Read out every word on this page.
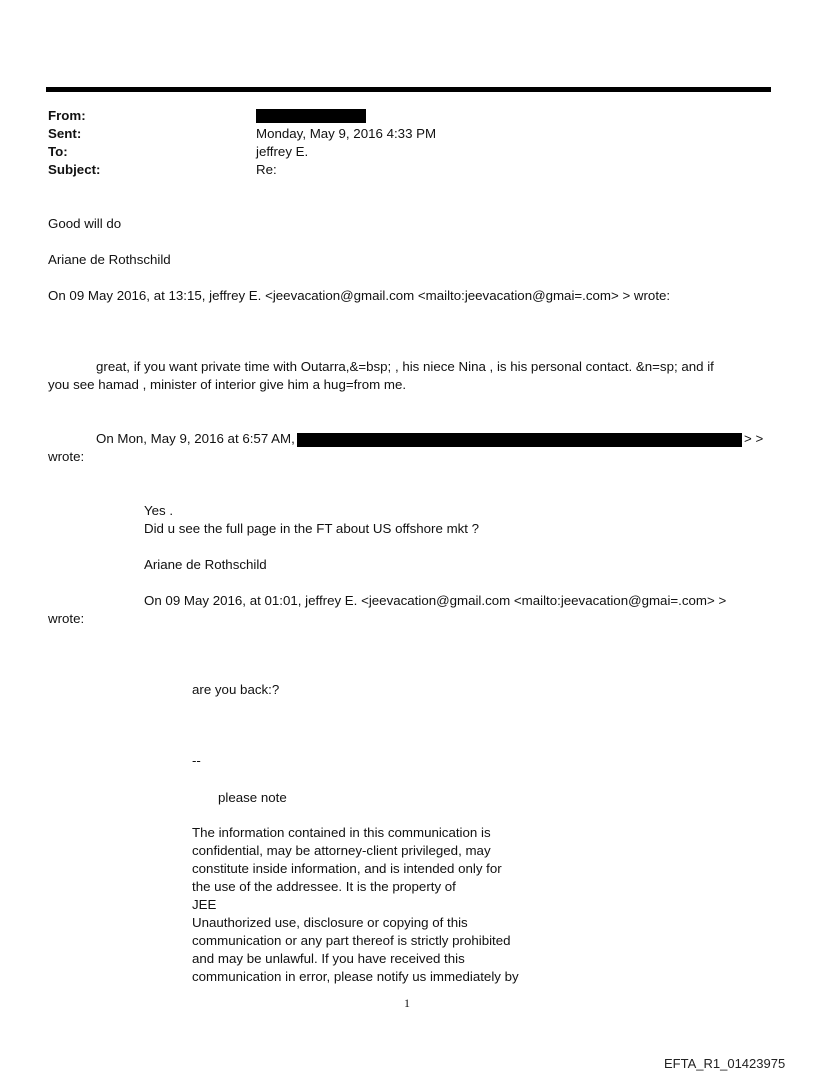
From:
Sent:	Monday, May 9, 2016 4:33 PM
To:	jeffrey E.
Subject:	Re:
Good will do
Ariane de Rothschild
On 09 May 2016, at 13:15, jeffrey E. <jeevacation@gmail.com <mailto:jeevacation@gmai=.com> > wrote:
great, if you want private time with Outarra,&=bsp; , his niece Nina , is his personal contact. &n=sp; and if
you see hamad , minister of interior give him a hug=from me.
On Mon, May 9, 2016 at 6:57 AM,	> >
wrote:
Yes .
Did u see the full page in the FT about US offshore mkt ?
Ariane de Rothschild
On 09 May 2016, at 01:01, jeffrey E. <jeevacation@gmail.com <mailto:jeevacation@gmai=.com> >
wrote:
are you back:?
--
please note
The information contained in this communication is
confidential, may be attorney-client privileged, may
constitute inside information, and is intended only for
the use of the addressee. It is the property of
JEE
Unauthorized use, disclosure or copying of this
communication or any part thereof is strictly prohibited
and may be unlawful. If you have received this
communication in error, please notify us immediately by
1
EFTA_R1_01423975
